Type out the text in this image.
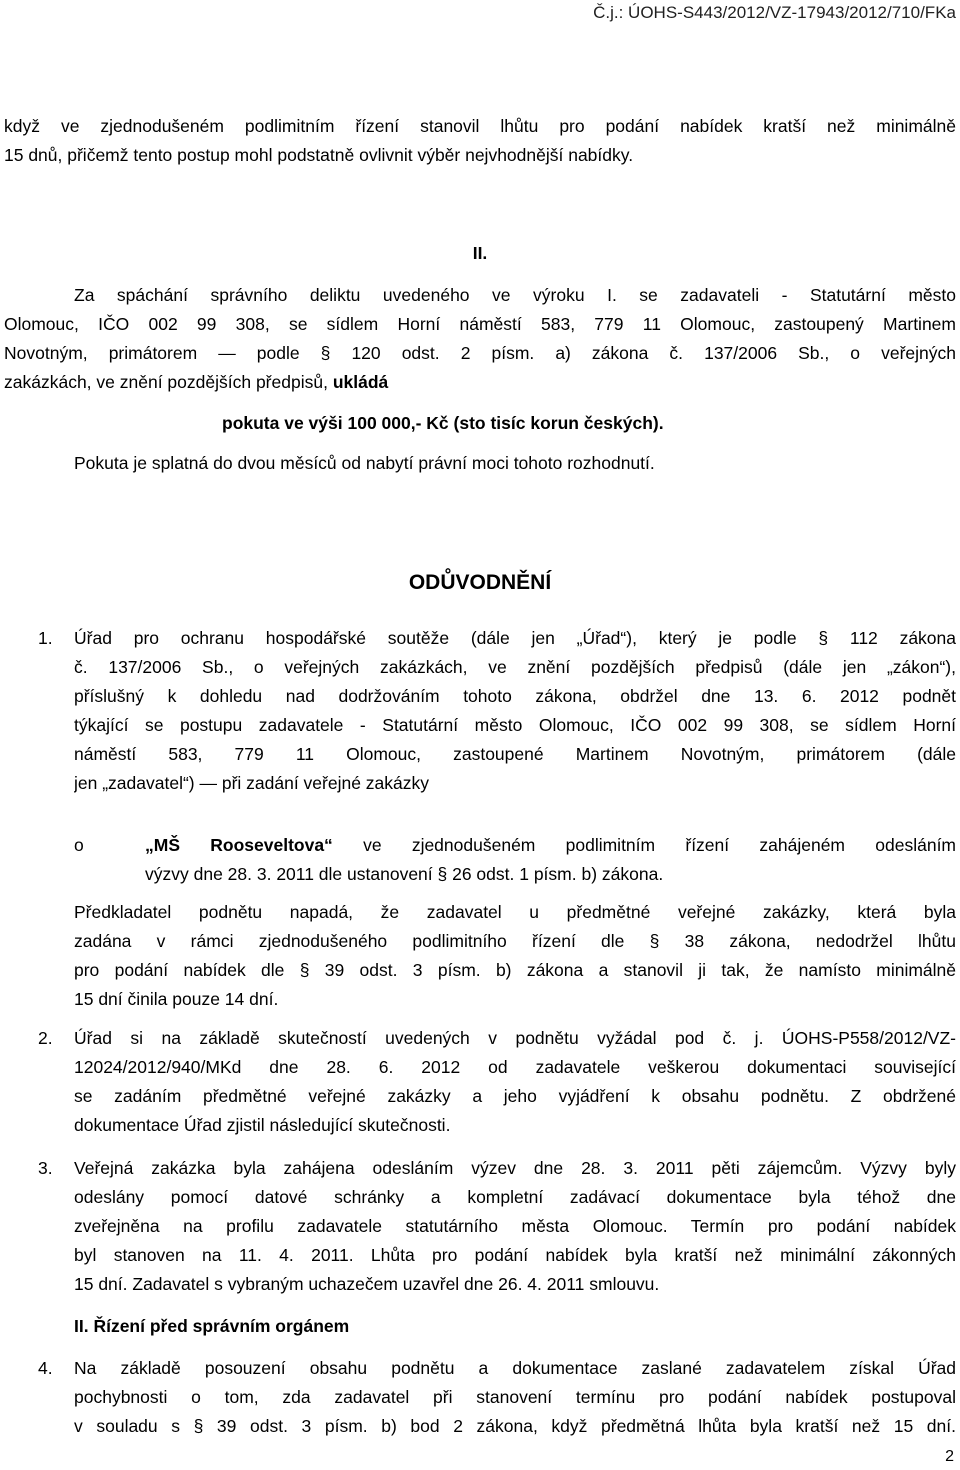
Č.j.: ÚOHS-S443/2012/VZ-17943/2012/710/FKa
když ve zjednodušeném podlimitním řízení stanovil lhůtu pro podání nabídek kratší než minimálně
15 dnů, přičemž tento postup mohl podstatně ovlivnit výběr nejvhodnější nabídky.
II.
Za spáchání správního deliktu uvedeného ve výroku I. se zadavateli - Statutární město
Olomouc, IČO 002 99 308, se sídlem Horní náměstí 583, 779 11 Olomouc, zastoupený Martinem
Novotným, primátorem — podle § 120 odst. 2 písm. a) zákona č. 137/2006 Sb., o veřejných
zakázkách, ve znění pozdějších předpisů, ukládá
pokuta ve výši 100 000,- Kč (sto tisíc korun českých).
Pokuta je splatná do dvou měsíců od nabytí právní moci tohoto rozhodnutí.
ODŮVODNĚNÍ
1. Úřad pro ochranu hospodářské soutěže (dále jen „Úřad“), který je podle § 112 zákona
č. 137/2006 Sb., o veřejných zakázkách, ve znění pozdějších předpisů (dále jen „zákon“),
příslušný k dohledu nad dodržováním tohoto zákona, obdržel dne 13. 6. 2012 podnět
týkající se postupu zadavatele - Statutární město Olomouc, IČO 002 99 308, se sídlem Horní
náměstí 583, 779 11 Olomouc, zastoupené Martinem Novotným, primátorem (dále
jen „zadavatel“) — při zadání veřejné zakázky
o	„MŠ Rooseveltova“ ve zjednodušeném podlimitním řízení zahájeném odesláním
výzvy dne 28. 3. 2011 dle ustanovení § 26 odst. 1 písm. b) zákona.
Předkladatel podnětu napadá, že zadavatel u předmětné veřejné zakázky, která byla
zadána v rámci zjednodušeného podlimitního řízení dle § 38 zákona, nedodržel lhůtu
pro podání nabídek dle § 39 odst. 3 písm. b) zákona a stanovil ji tak, že namísto minimálně
15 dní činila pouze 14 dní.
2. Úřad si na základě skutečností uvedených v podnětu vyžádal pod č. j. ÚOHS-P558/2012/VZ-
12024/2012/940/MKd dne 28. 6. 2012 od zadavatele veškerou dokumentaci související
se zadáním předmětné veřejné zakázky a jeho vyjádření k obsahu podnětu. Z obdržené
dokumentace Úřad zjistil následující skutečnosti.
3. Veřejná zakázka byla zahájena odesláním výzev dne 28. 3. 2011 pěti zájemcům. Výzvy byly
odeslány pomocí datové schránky a kompletní zadávací dokumentace byla téhož dne
zveřejněna na profilu zadavatele statutárního města Olomouc. Termín pro podání nabídek
byl stanoven na 11. 4. 2011. Lhůta pro podání nabídek byla kratší než minimální zákonných
15 dní. Zadavatel s vybraným uchazečem uzavřel dne 26. 4. 2011 smlouvu.
II. Řízení před správním orgánem
4. Na základě posouzení obsahu podnětu a dokumentace zaslané zadavatelem získal Úřad
pochybnosti o tom, zda zadavatel při stanovení termínu pro podání nabídek postupoval
v souladu s § 39 odst. 3 písm. b) bod 2 zákona, když předmětná lhůta byla kratší než 15 dní.
2
